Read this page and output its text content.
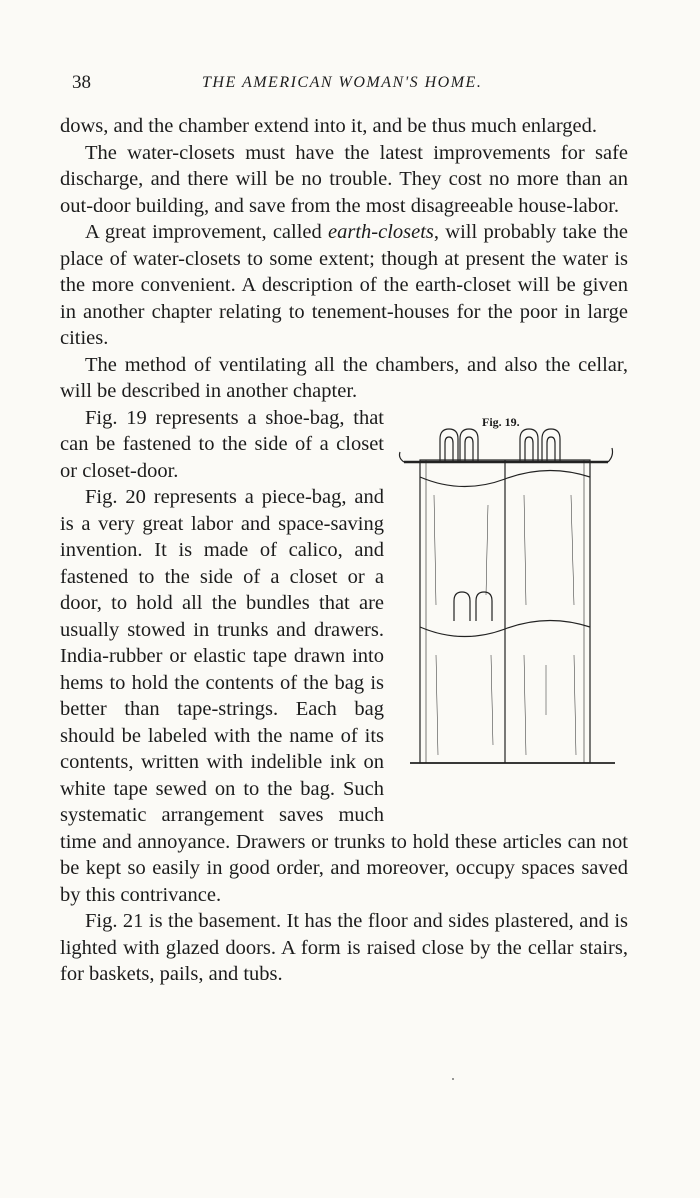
38	THE AMERICAN WOMAN'S HOME.

dows, and the chamber extend into it, and be thus much enlarged.

The water-closets must have the latest improvements for safe discharge, and there will be no trouble. They cost no more than an out-door building, and save from the most disagreeable house-labor.

A great improvement, called earth-closets, will probably take the place of water-closets to some extent; though at present the water is the more convenient. A description of the earth-closet will be given in another chapter relating to tenement-houses for the poor in large cities.

The method of ventilating all the chambers, and also the cellar, will be described in another chapter.

Fig. 19.

Fig. 19 represents a shoe-bag, that can be fastened to the side of a closet or closet-door.

Fig. 20 represents a piece-bag, and is a very great labor and space-saving invention. It is made of calico, and fastened to the side of a closet or a door, to hold all the bundles that are usually stowed in trunks and drawers. India-rubber or elastic tape drawn into hems to hold the contents of the bag is better than tape-strings. Each bag should be labeled with the name of its contents, written with indelible ink on white tape sewed on to the bag. Such systematic arrangement saves much time and annoyance. Drawers or trunks to hold these articles can not be kept so easily in good order, and moreover, occupy spaces saved by this contrivance.

Fig. 21 is the basement. It has the floor and sides plastered, and is lighted with glazed doors. A form is raised close by the cellar stairs, for baskets, pails, and tubs.
